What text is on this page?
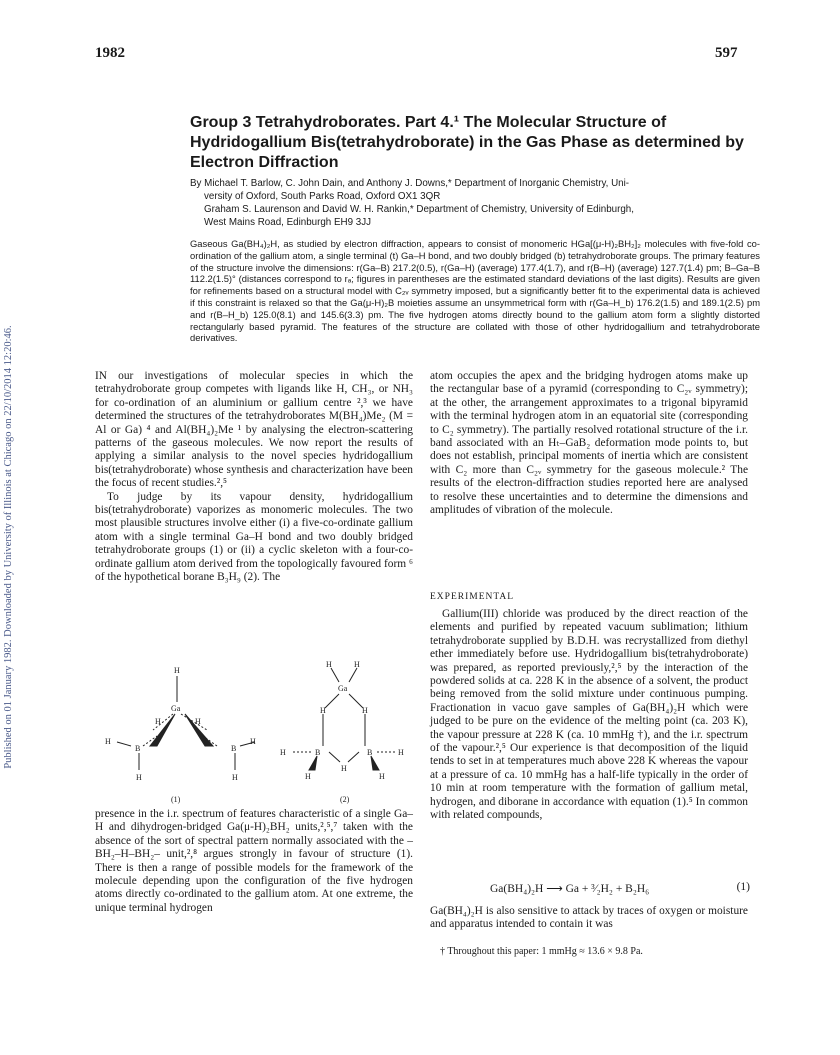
1982	597
Published on 01 January 1982. Downloaded by University of Illinois at Chicago on 22/10/2014 12:20:46.
Group 3 Tetrahydroborates. Part 4.¹ The Molecular Structure of Hydridogallium Bis(tetrahydroborate) in the Gas Phase as determined by Electron Diffraction
By Michael T. Barlow, C. John Dain, and Anthony J. Downs,* Department of Inorganic Chemistry, Uni-
versity of Oxford, South Parks Road, Oxford OX1 3QR
Graham S. Laurenson and David W. H. Rankin,* Department of Chemistry, University of Edinburgh,
West Mains Road, Edinburgh EH9 3JJ
Gaseous Ga(BH₄)₂H, as studied by electron diffraction, appears to consist of monomeric HGa[(μ-H)₂BH₂]₂ molecules with five-fold co-ordination of the gallium atom, a single terminal (t) Ga–H bond, and two doubly bridged (b) tetrahydroborate groups. The primary features of the structure involve the dimensions: r(Ga–B) 217.2(0.5), r(Ga–H) (average) 177.4(1.7), and r(B–H) (average) 127.7(1.4) pm; B–Ga–B 112.2(1.5)° (distances correspond to rₐ; figures in parentheses are the estimated standard deviations of the last digits). Results are given for refinements based on a structural model with C₂ᵥ symmetry imposed, but a significantly better fit to the experimental data is achieved if this constraint is relaxed so that the Ga(μ-H)₂B moieties assume an unsymmetrical form with r(Ga–H_b) 176.2(1.5) and 189.1(2.5) pm and r(B–H_b) 125.0(8.1) and 145.6(3.3) pm. The five hydrogen atoms directly bound to the gallium atom form a slightly distorted rectangularly based pyramid. The features of the structure are collated with those of other hydridogallium and tetrahydroborate derivatives.

IN our investigations of molecular species in which the tetrahydroborate group competes with ligands like H, CH₃, or NH₃ for co-ordination of an aluminium or gallium centre ²,³ we have determined the structures of the tetrahydroborates M(BH₄)Me₂ (M = Al or Ga) ⁴ and Al(BH₄)₂Me ¹ by analysing the electron-scattering patterns of the gaseous molecules. We now report the results of applying a similar analysis to the novel species hydridogallium bis(tetrahydroborate) whose synthesis and characterization have been the focus of recent studies.²,⁵

To judge by its vapour density, hydridogallium bis(tetrahydroborate) vaporizes as monomeric molecules. The two most plausible structures involve either (i) a five-co-ordinate gallium atom with a single terminal Ga–H bond and two doubly bridged tetrahydroborate groups (1) or (ii) a cyclic skeleton with a four-co-ordinate gallium atom derived from the topologically favoured form ⁶ of the hypothetical borane B₃H₉ (2). The

H
Ga
B	B
H	H
H	H
H
H
H	H
Ga
H	H
B	B
H	H
H
H	H
(1)	(2)

presence in the i.r. spectrum of features characteristic of a single Ga–H and dihydrogen-bridged Ga(μ-H)₂BH₂ units,²,⁵,⁷ taken with the absence of the sort of spectral pattern normally associated with the –BH₂–H–BH₂– unit,²,⁸ argues strongly in favour of structure (1). There is then a range of possible models for the framework of the molecule depending upon the configuration of the five hydrogen atoms directly co-ordinated to the gallium atom. At one extreme, the unique terminal hydrogen

atom occupies the apex and the bridging hydrogen atoms make up the rectangular base of a pyramid (corresponding to C₂ᵥ symmetry); at the other, the arrangement approximates to a trigonal bipyramid with the terminal hydrogen atom in an equatorial site (corresponding to C₂ symmetry). The partially resolved rotational structure of the i.r. band associated with an Hₜ–GaB₂ deformation mode points to, but does not establish, principal moments of inertia which are consistent with C₂ more than C₂ᵥ symmetry for the gaseous molecule.² The results of the electron-diffraction studies reported here are analysed to resolve these uncertainties and to determine the dimensions and amplitudes of vibration of the molecule.

EXPERIMENTAL

Gallium(III) chloride was produced by the direct reaction of the elements and purified by repeated vacuum sublimation; lithium tetrahydroborate supplied by B.D.H. was recrystallized from diethyl ether immediately before use. Hydridogallium bis(tetrahydroborate) was prepared, as reported previously,²,⁵ by the interaction of the powdered solids at ca. 228 K in the absence of a solvent, the product being removed from the solid mixture under continuous pumping. Fractionation in vacuo gave samples of Ga(BH₄)₂H which were judged to be pure on the evidence of the melting point (ca. 203 K), the vapour pressure at 228 K (ca. 10 mmHg †), and the i.r. spectrum of the vapour.²,⁵ Our experience is that decomposition of the liquid tends to set in at temperatures much above 228 K whereas the vapour at a pressure of ca. 10 mmHg has a half-life typically in the order of 10 min at room temperature with the formation of gallium metal, hydrogen, and diborane in accordance with equation (1).⁵ In common with related compounds,

Ga(BH₄)₂H ⟶ Ga + ³⁄₂H₂ + B₂H₆	(1)

Ga(BH₄)₂H is also sensitive to attack by traces of oxygen or moisture and apparatus intended to contain it was

† Throughout this paper: 1 mmHg ≈ 13.6 × 9.8 Pa.
